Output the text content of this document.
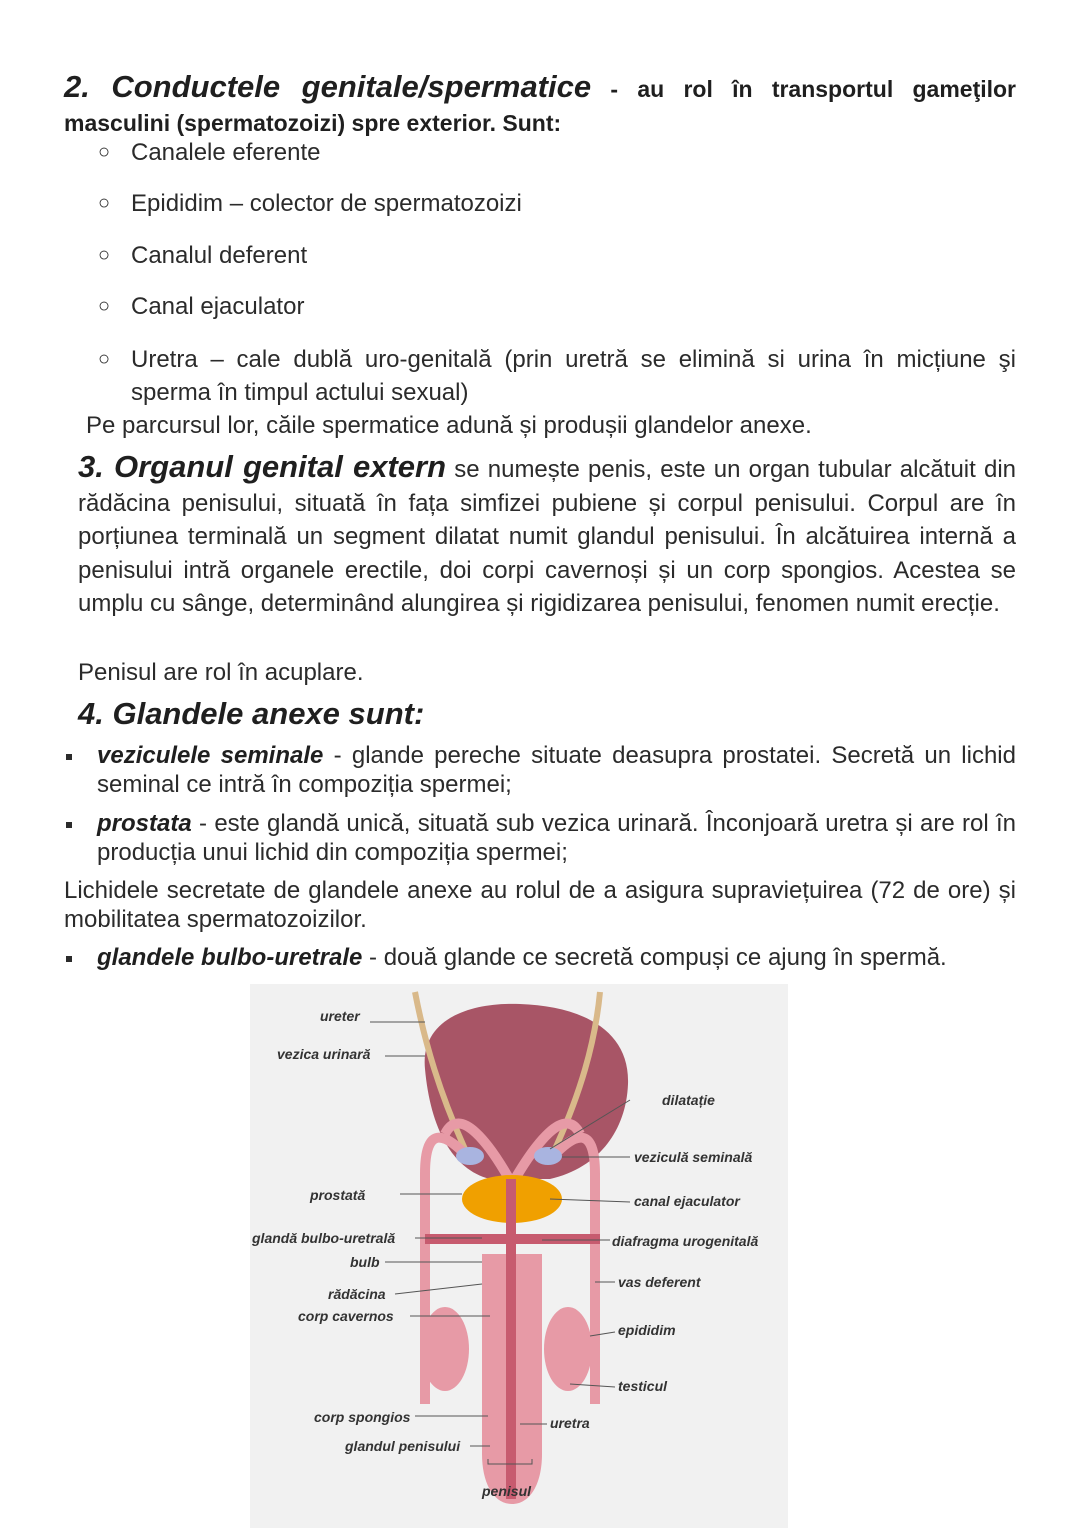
2. Conductele genitale/spermatice - au rol în transportul gameţilor masculini (spermatozoizi) spre exterior. Sunt:
○ Canalele eferente
○ Epididim – colector de spermatozoizi
○ Canalul deferent
○ Canal ejaculator
○ Uretra – cale dublă uro-genitală (prin uretră se elimină si urina în micțiune şi sperma în timpul actului sexual)
Pe parcursul lor, căile spermatice adună și produșii glandelor anexe.
3. Organul genital extern se numește penis, este un organ tubular alcătuit din rădăcina penisului, situată în fața simfizei pubiene și corpul penisului. Corpul are în porțiunea terminală un segment dilatat numit glandul penisului. În alcătuirea internă a penisului intră organele erectile, doi corpi cavernoși și un corp spongios. Acestea se umplu cu sânge, determinând alungirea și rigidizarea penisului, fenomen numit erecție.
Penisul are rol în acuplare.
4. Glandele anexe sunt:
veziculele seminale - glande pereche situate deasupra prostatei. Secretă un lichid seminal ce intră în compoziția spermei;
prostata - este glandă unică, situată sub vezica urinară. Înconjoară uretra și are rol în producția unui lichid din compoziția spermei;
Lichidele secretate de glandele anexe au rolul de a asigura supraviețuirea (72 de ore) și mobilitatea spermatozoizilor.
glandele bulbo-uretrale - două glande ce secretă compuși ce ajung în spermă.
ureter
vezica urinară
dilatație
veziculă seminală
prostată	canal ejaculator
glandă bulbo-uretrală	diafragma urogenitală
bulb
rădăcina
vas deferent
corp cavernos
epididim
testicul
corp spongios	uretra
glandul penisului
penisul
